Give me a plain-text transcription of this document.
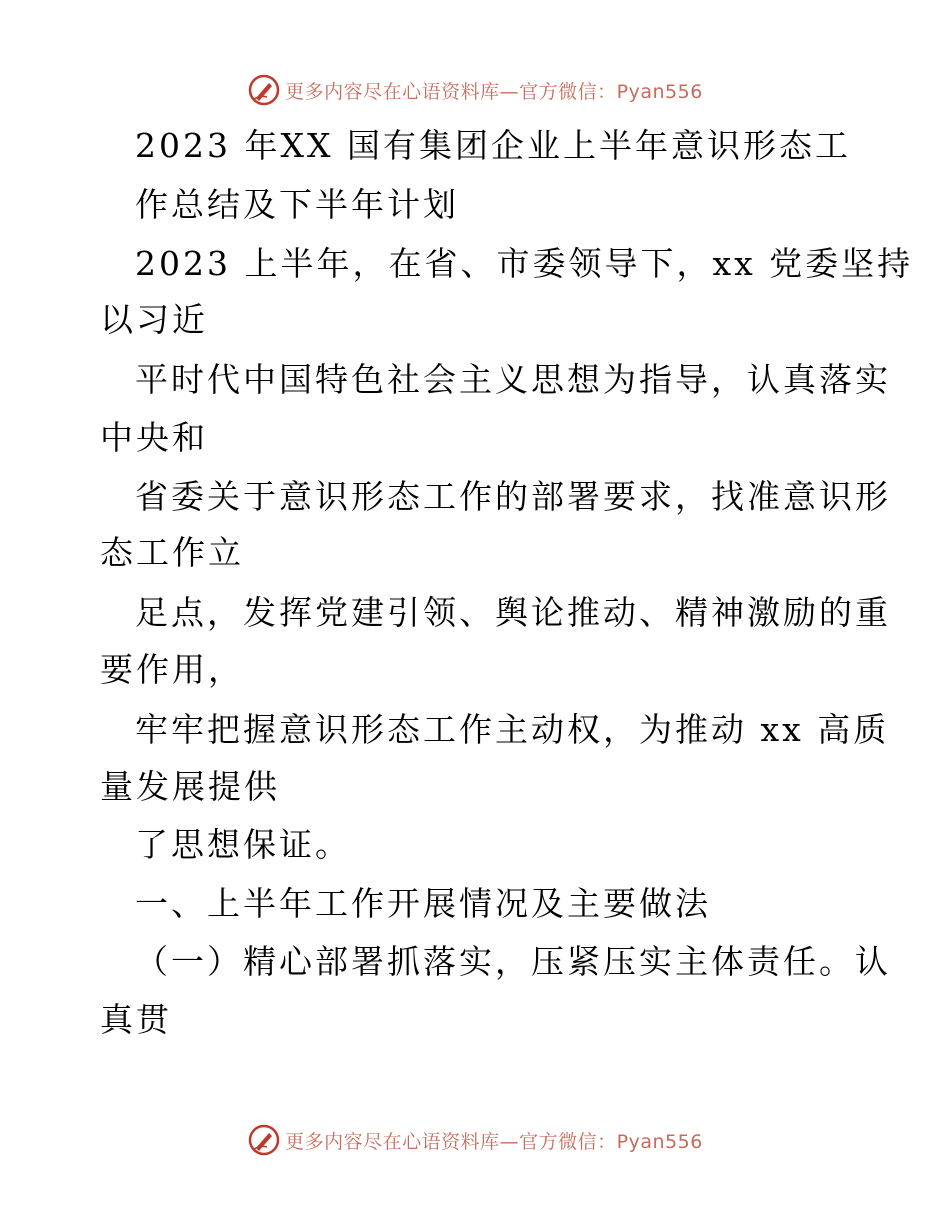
更多内容尽在心语资料库—官方微信：Pyan556
2023 年XX 国有集团企业上半年意识形态工
作总结及下半年计划
2023 上半年，在省、市委领导下，xx 党委坚持
以习近
平时代中国特色社会主义思想为指导，认真落实
中央和
省委关于意识形态工作的部署要求，找准意识形
态工作立
足点，发挥党建引领、舆论推动、精神激励的重
要作用，
牢牢把握意识形态工作主动权，为推动 xx 高质
量发展提供
了思想保证。
一、上半年工作开展情况及主要做法
（一）精心部署抓落实，压紧压实主体责任。认
真贯
更多内容尽在心语资料库—官方微信：Pyan556
